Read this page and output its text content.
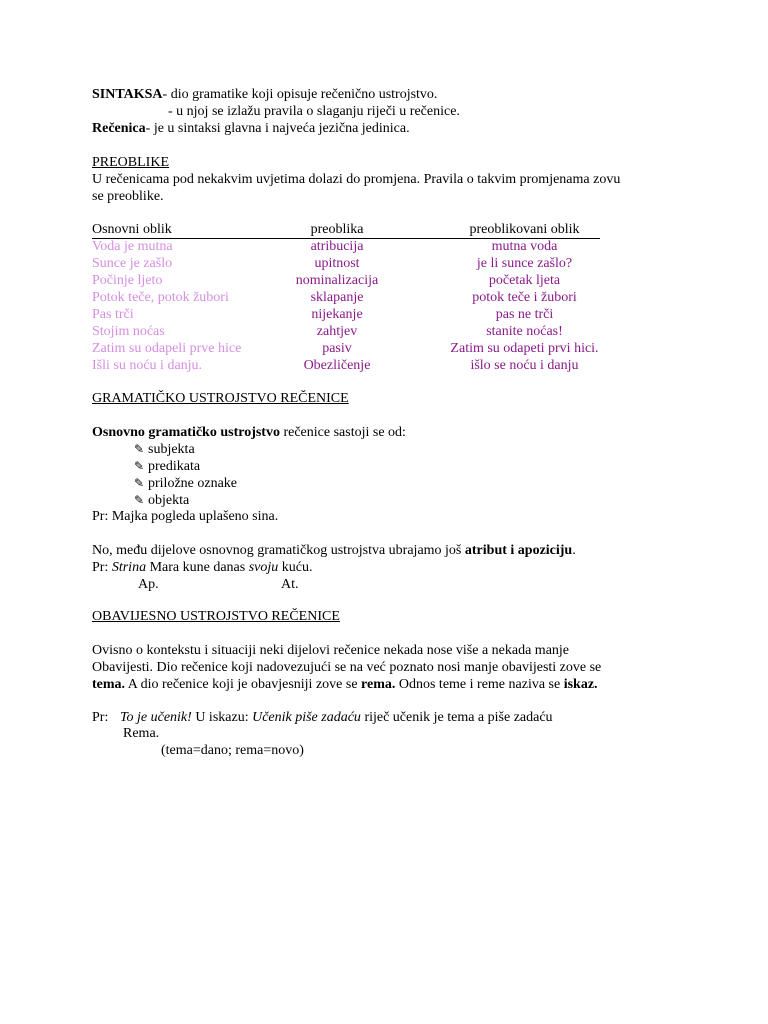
SINTAKSA- dio gramatike koji opisuje rečenično ustrojstvo.
- u njoj se izlažu pravila o slaganju riječi u rečenice.
Rečenica- je u sintaksi glavna i najveća jezična jedinica.
PREOBLIKE
U rečenicama pod nekakvim uvjetima dolazi do promjena. Pravila o takvim promjenama zovu
se preoblike.
Osnovni oblik	preoblika	preoblikovani oblik
Voda je mutna	atribucija	mutna voda
Sunce je zašlo	upitnost	je li sunce zašlo?
Počinje ljeto	nominalizacija	početak ljeta
Potok teče, potok žubori	sklapanje	potok teče i žubori
Pas trči	nijekanje	pas ne trči
Stojim noćas	zahtjev	stanite noćas!
Zatim su odapeli prve hice	pasiv	Zatim su odapeti prvi hici.
Išli su noću i danju.	Obezličenje	išlo se noću i danju
GRAMATIČKO USTROJSTVO REČENICE
Osnovno gramatičko ustrojstvo rečenice sastoji se od:
✎ subjekta
✎ predikata
✎ priložne oznake
✎ objekta
Pr: Majka pogleda uplašeno sina.
No, među dijelove osnovnog gramatičkog ustrojstva ubrajamo još atribut i apoziciju.
Pr: Strina Mara kune danas svoju kuću.
Ap.	At.
OBAVIJESNO USTROJSTVO REČENICE
Ovisno o kontekstu i situaciji neki dijelovi rečenice nekada nose više a nekada manje
Obavijesti. Dio rečenice koji nadovezujući se na već poznato nosi manje obavijesti zove se
tema. A dio rečenice koji je obavjesniji zove se rema. Odnos teme i reme naziva se iskaz.
Pr: To je učenik! U iskazu: Učenik piše zadaću riječ učenik je tema a piše zadaću
Rema.
(tema=dano; rema=novo)
